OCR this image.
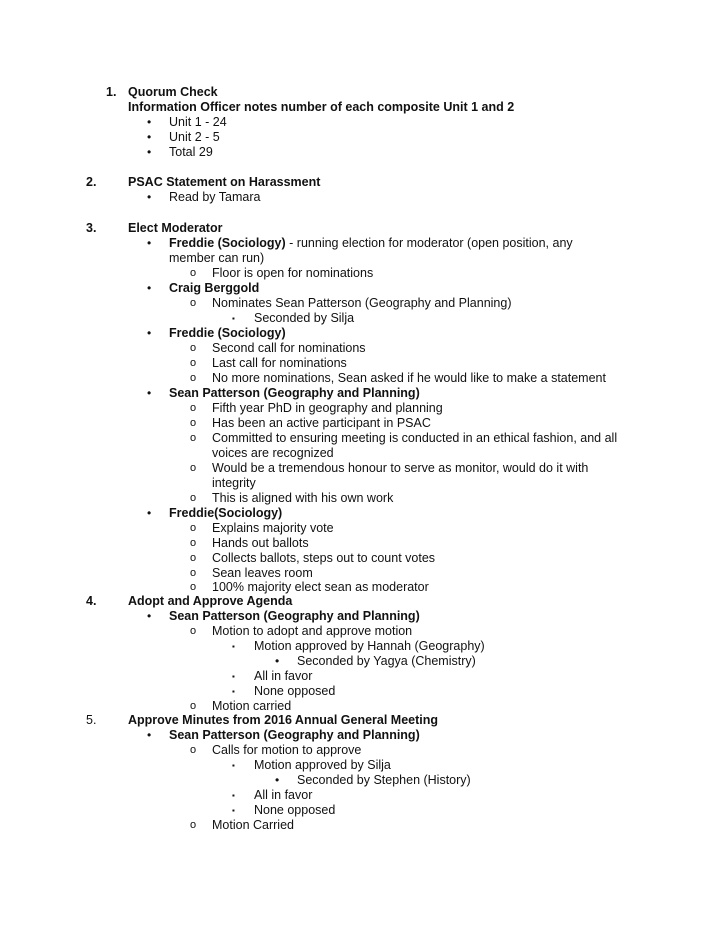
1. Quorum Check
Information Officer notes number of each composite Unit 1 and 2
• Unit 1 - 24
• Unit 2 - 5
• Total 29
2.	PSAC Statement on Harassment
• Read by Tamara
3.	Elect Moderator
• Freddie (Sociology) - running election for moderator (open position, any
member can run)
o Floor is open for nominations
• Craig Berggold
o Nominates Sean Patterson (Geography and Planning)
▪ Seconded by Silja
• Freddie (Sociology)
o Second call for nominations
o Last call for nominations
o No more nominations, Sean asked if he would like to make a statement
• Sean Patterson (Geography and Planning)
o Fifth year PhD in geography and planning
o Has been an active participant in PSAC
o Committed to ensuring meeting is conducted in an ethical fashion, and all
voices are recognized
o Would be a tremendous honour to serve as monitor, would do it with
integrity
o This is aligned with his own work
• Freddie(Sociology)
o Explains majority vote
o Hands out ballots
o Collects ballots, steps out to count votes
o Sean leaves room
o 100% majority elect sean as moderator
4.	Adopt and Approve Agenda
• Sean Patterson (Geography and Planning)
o Motion to adopt and approve motion
▪ Motion approved by Hannah (Geography)
• Seconded by Yagya (Chemistry)
▪ All in favor
▪ None opposed
o Motion carried
5.	Approve Minutes from 2016 Annual General Meeting
• Sean Patterson (Geography and Planning)
o Calls for motion to approve
▪ Motion approved by Silja
• Seconded by Stephen (History)
▪ All in favor
▪ None opposed
o Motion Carried
